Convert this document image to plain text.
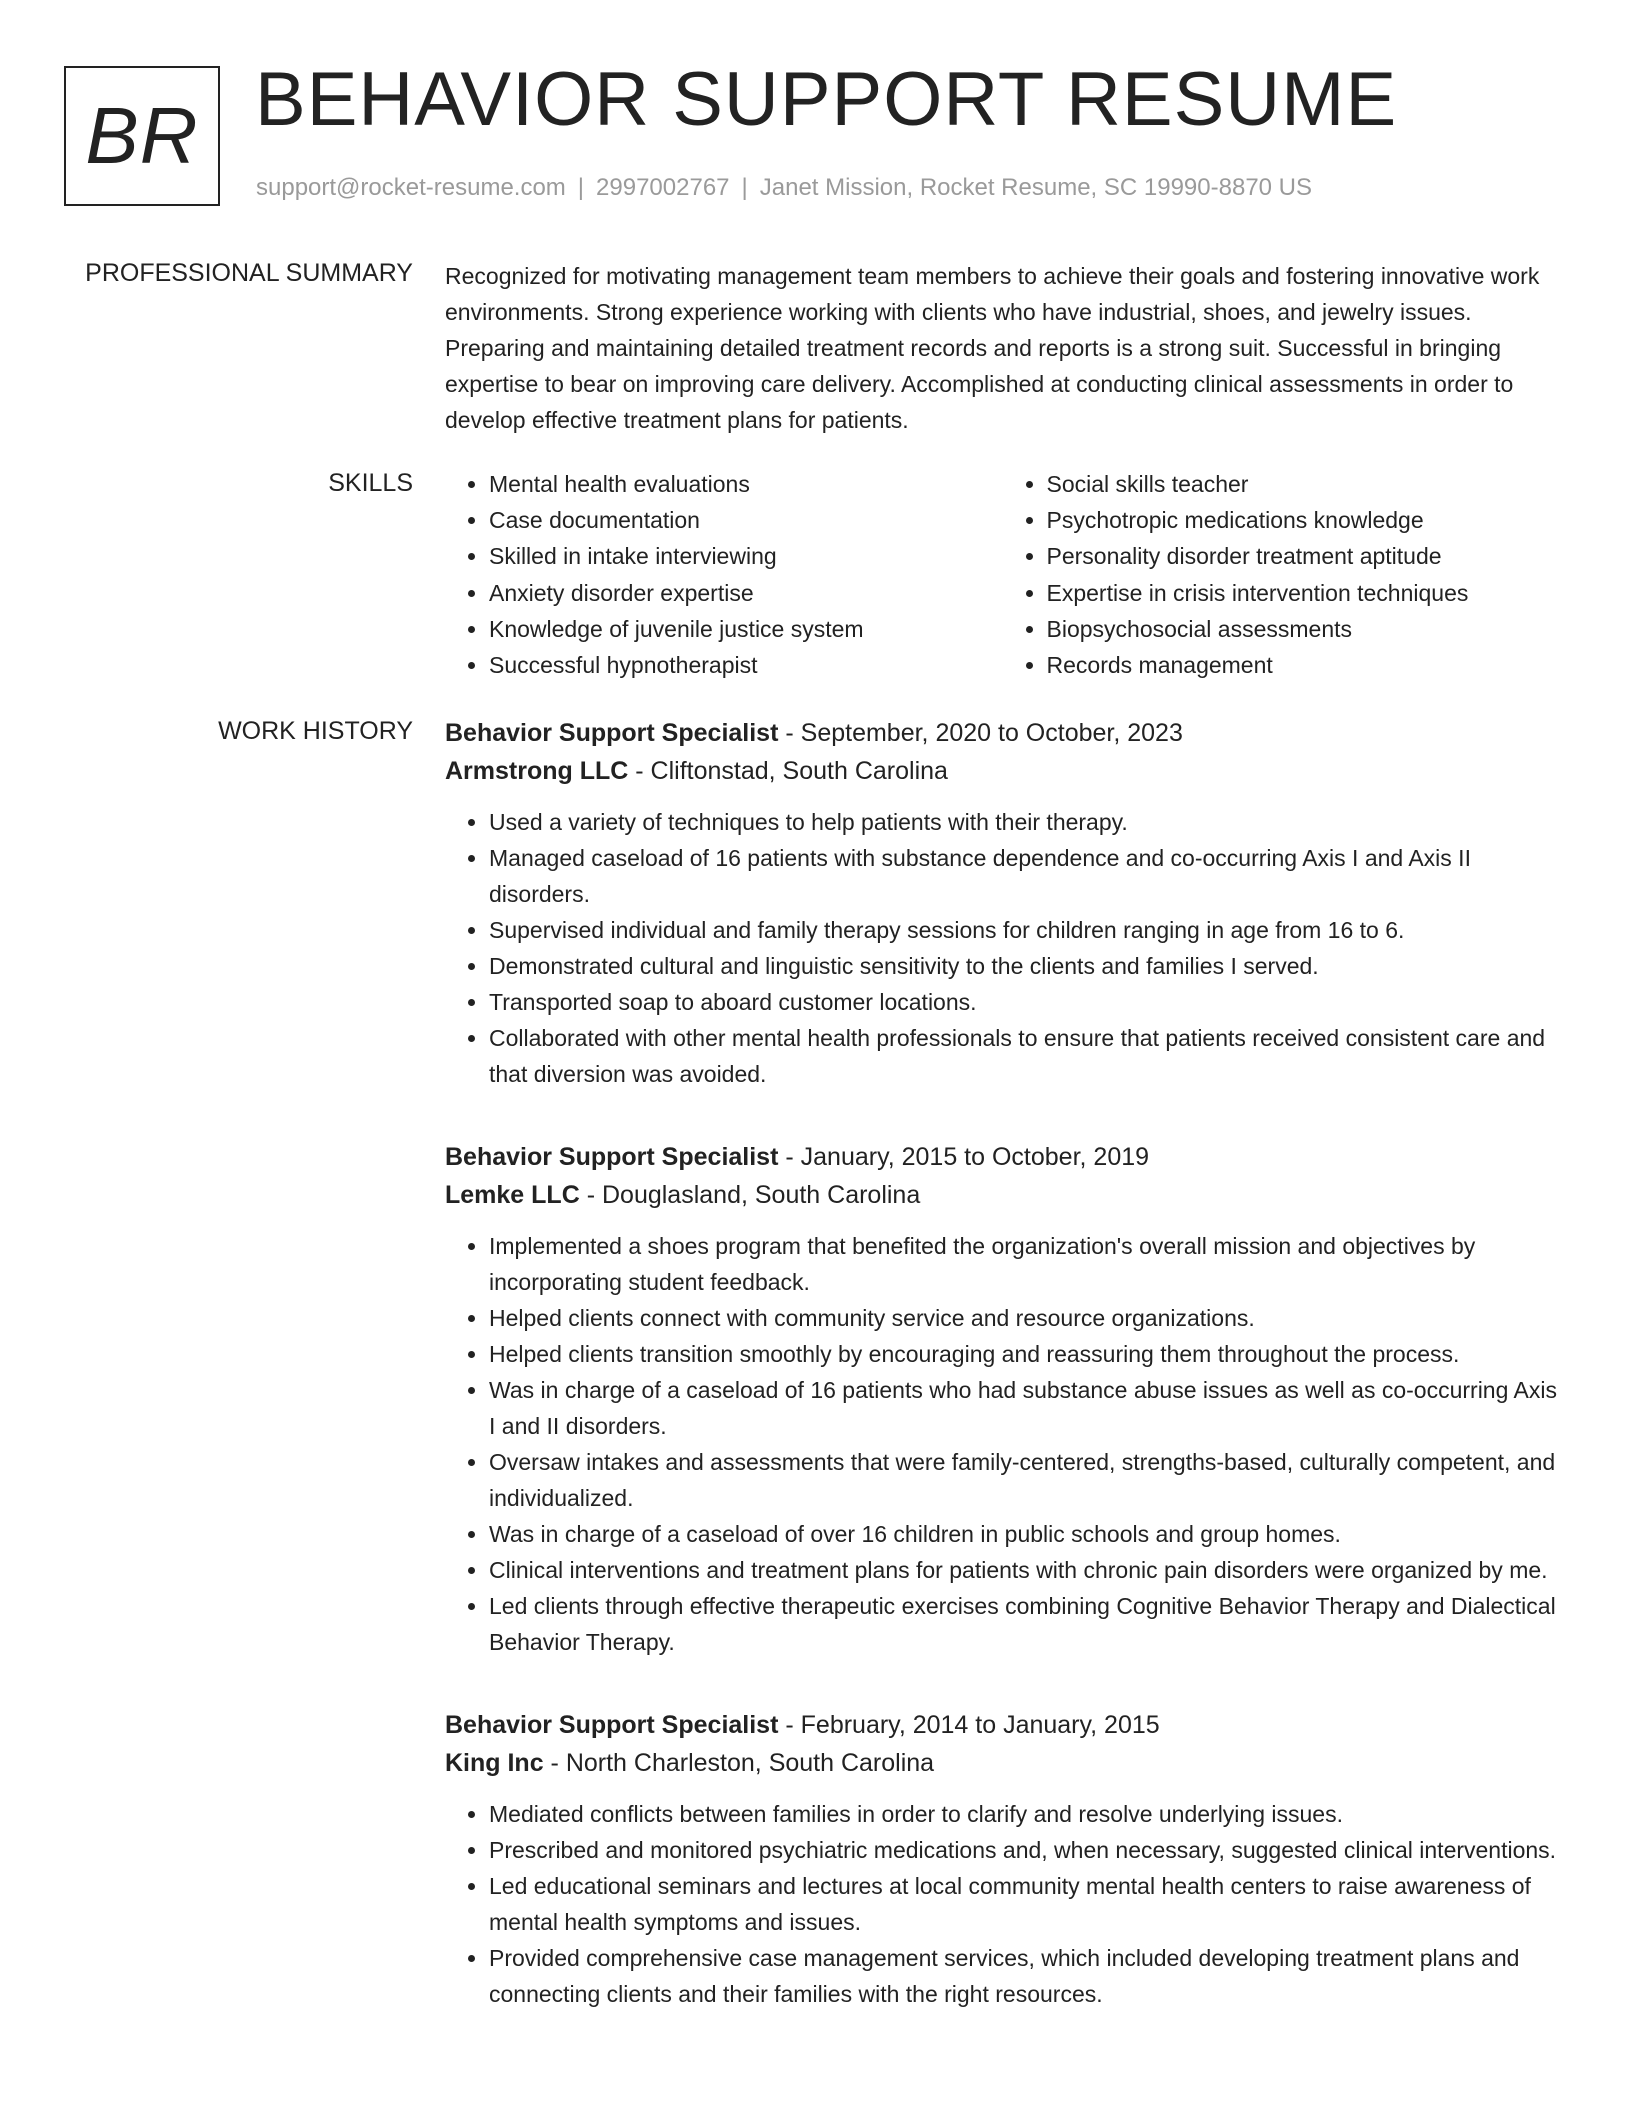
BR BEHAVIOR SUPPORT RESUME
support@rocket-resume.com | 2997002767 | Janet Mission, Rocket Resume, SC 19990-8870 US
PROFESSIONAL SUMMARY Recognized for motivating management team members to achieve their goals and fostering innovative work environments. Strong experience working with clients who have industrial, shoes, and jewelry issues. Preparing and maintaining detailed treatment records and reports is a strong suit. Successful in bringing expertise to bear on improving care delivery. Accomplished at conducting clinical assessments in order to develop effective treatment plans for patients.

SKILLS
•	Mental health evaluations
• Case documentation
• Skilled in intake interviewing
• Anxiety disorder expertise
• Knowledge of juvenile justice system
• Successful hypnotherapist
• Social skills teacher
• Psychotropic medications knowledge
• Personality disorder treatment aptitude
• Expertise in crisis intervention techniques
• Biopsychosocial assessments
• Records management
WORK HISTORY Behavior Support Specialist - September, 2020 to October, 2023

Armstrong LLC - Cliftonstad, South Carolina

• Used a variety of techniques to help patients with their therapy.
• Managed caseload of 16 patients with substance dependence and co-occurring Axis I and Axis II disorders.
• Supervised individual and family therapy sessions for children ranging in age from 16 to 6.
• Demonstrated cultural and linguistic sensitivity to the clients and families I served.
• Transported soap to aboard customer locations.
• Collaborated with other mental health professionals to ensure that patients received consistent care and that diversion was avoided.

Behavior Support Specialist - January, 2015 to October, 2019

Lemke LLC - Douglasland, South Carolina

• Implemented a shoes program that benefited the organization's overall mission and objectives by incorporating student feedback.
• Helped clients connect with community service and resource organizations.
• Helped clients transition smoothly by encouraging and reassuring them throughout the process.
• Was in charge of a caseload of 16 patients who had substance abuse issues as well as co-occurring Axis I and II disorders.
• Oversaw intakes and assessments that were family-centered, strengths-based, culturally competent, and individualized.
• Was in charge of a caseload of over 16 children in public schools and group homes.
• Clinical interventions and treatment plans for patients with chronic pain disorders were organized by me.
• Led clients through effective therapeutic exercises combining Cognitive Behavior Therapy and Dialectical Behavior Therapy.

Behavior Support Specialist - February, 2014 to January, 2015

King Inc - North Charleston, South Carolina

• Mediated conflicts between families in order to clarify and resolve underlying issues.
• Prescribed and monitored psychiatric medications and, when necessary, suggested clinical interventions.
• Led educational seminars and lectures at local community mental health centers to raise awareness of mental health symptoms and issues.
• Provided comprehensive case management services, which included developing treatment plans and connecting clients and their families with the right resources.
